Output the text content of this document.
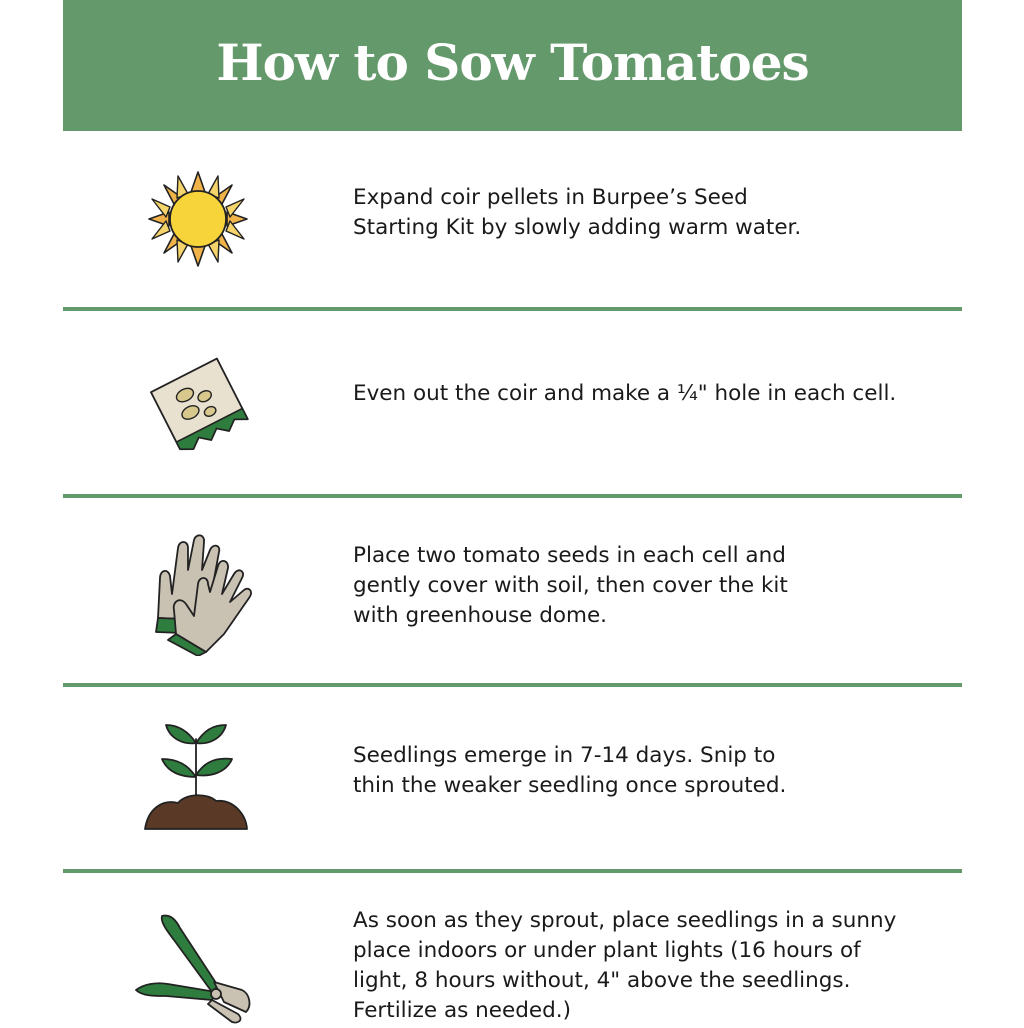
How to Sow Tomatoes

Expand coir pellets in Burpee’s Seed Starting Kit by slowly adding warm water.

Even out the coir and make a ¼" hole in each cell.

Place two tomato seeds in each cell and gently cover with soil, then cover the kit with greenhouse dome.

Seedlings emerge in 7-14 days. Snip to thin the weaker seedling once sprouted.

As soon as they sprout, place seedlings in a sunny place indoors or under plant lights (16 hours of light, 8 hours without, 4" above the seedlings. Fertilize as needed.)
